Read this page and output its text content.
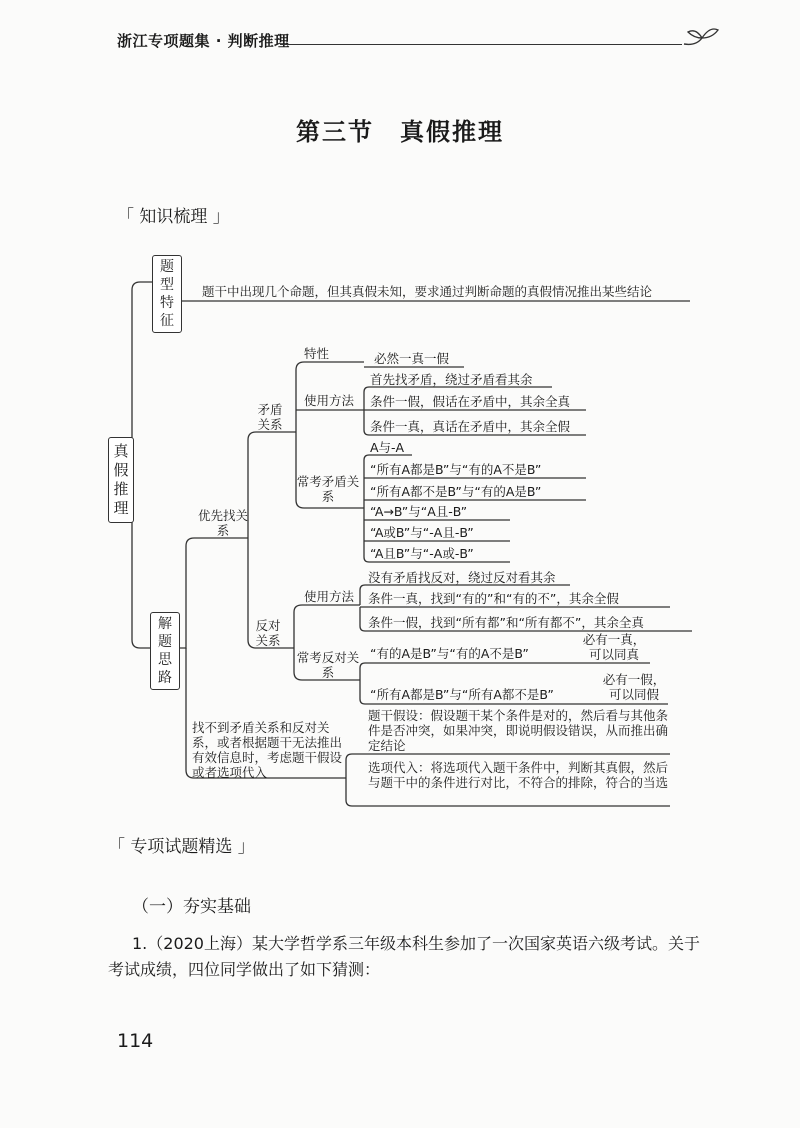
浙江专项题集 · 判断推理
第三节　真假推理
「 知识梳理 」
真假推理
题型特征
题干中出现几个命题，但其真假未知，要求通过判断命题的真假情况推出某些结论
解题思路
优先找关系
矛盾关系
特性	必然一真一假
使用方法
首先找矛盾，绕过矛盾看其余
条件一假，假话在矛盾中，其余全真
条件一真，真话在矛盾中，其余全假
常考矛盾关系
A与-A
“所有A都是B”与“有的A不是B”
“所有A都不是B”与“有的A是B”
“A→B”与“A且-B”
“A或B”与“-A且-B”
“A且B”与“-A或-B”
反对关系
使用方法
没有矛盾找反对，绕过反对看其余
条件一真，找到“有的”和“有的不”，其余全假
条件一假，找到“所有都”和“所有都不”，其余全真
常考反对关系
“有的A是B”与“有的A不是B”
必有一真，可以同真
“所有A都是B”与“所有A都不是B”
必有一假，可以同假
找不到矛盾关系和反对关系，或者根据题干无法推出有效信息时，考虑题干假设或者选项代入
题干假设：假设题干某个条件是对的，然后看与其他条件是否冲突，如果冲突，即说明假设错误，从而推出确定结论
选项代入：将选项代入题干条件中，判断其真假，然后与题干中的条件进行对比，不符合的排除，符合的当选
「 专项试题精选 」
（一）夯实基础
1.（2020上海）某大学哲学系三年级本科生参加了一次国家英语六级考试。关于考试成绩，四位同学做出了如下猜测：
114
